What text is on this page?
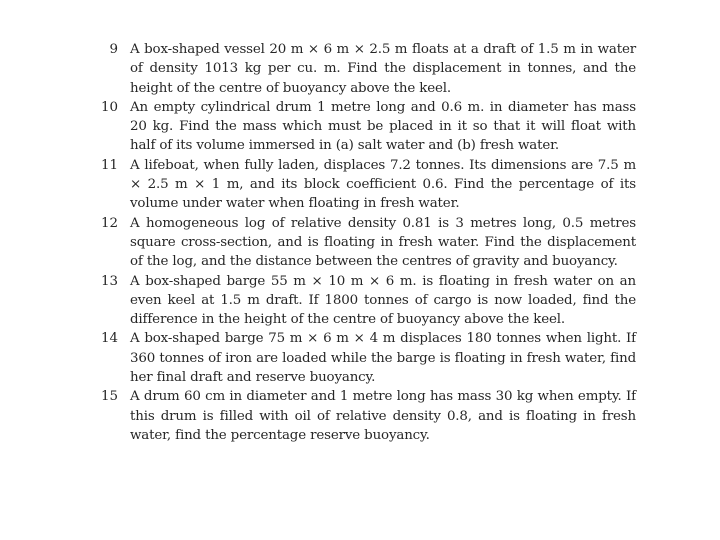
9 A box-shaped vessel 20 m × 6 m × 2.5 m floats at a draft of 1.5 m in water of density 1013 kg per cu. m. Find the displacement in tonnes, and the height of the centre of buoyancy above the keel.
10 An empty cylindrical drum 1 metre long and 0.6 m. in diameter has mass 20 kg. Find the mass which must be placed in it so that it will float with half of its volume immersed in (a) salt water and (b) fresh water.
11 A lifeboat, when fully laden, displaces 7.2 tonnes. Its dimensions are 7.5 m × 2.5 m × 1 m, and its block coefficient 0.6. Find the percentage of its volume under water when floating in fresh water.
12 A homogeneous log of relative density 0.81 is 3 metres long, 0.5 metres square cross-section, and is floating in fresh water. Find the displacement of the log, and the distance between the centres of gravity and buoyancy.
13 A box-shaped barge 55 m × 10 m × 6 m. is floating in fresh water on an even keel at 1.5 m draft. If 1800 tonnes of cargo is now loaded, find the difference in the height of the centre of buoyancy above the keel.
14 A box-shaped barge 75 m × 6 m × 4 m displaces 180 tonnes when light. If 360 tonnes of iron are loaded while the barge is floating in fresh water, find her final draft and reserve buoyancy.
15 A drum 60 cm in diameter and 1 metre long has mass 30 kg when empty. If this drum is filled with oil of relative density 0.8, and is floating in fresh water, find the percentage reserve buoyancy.
